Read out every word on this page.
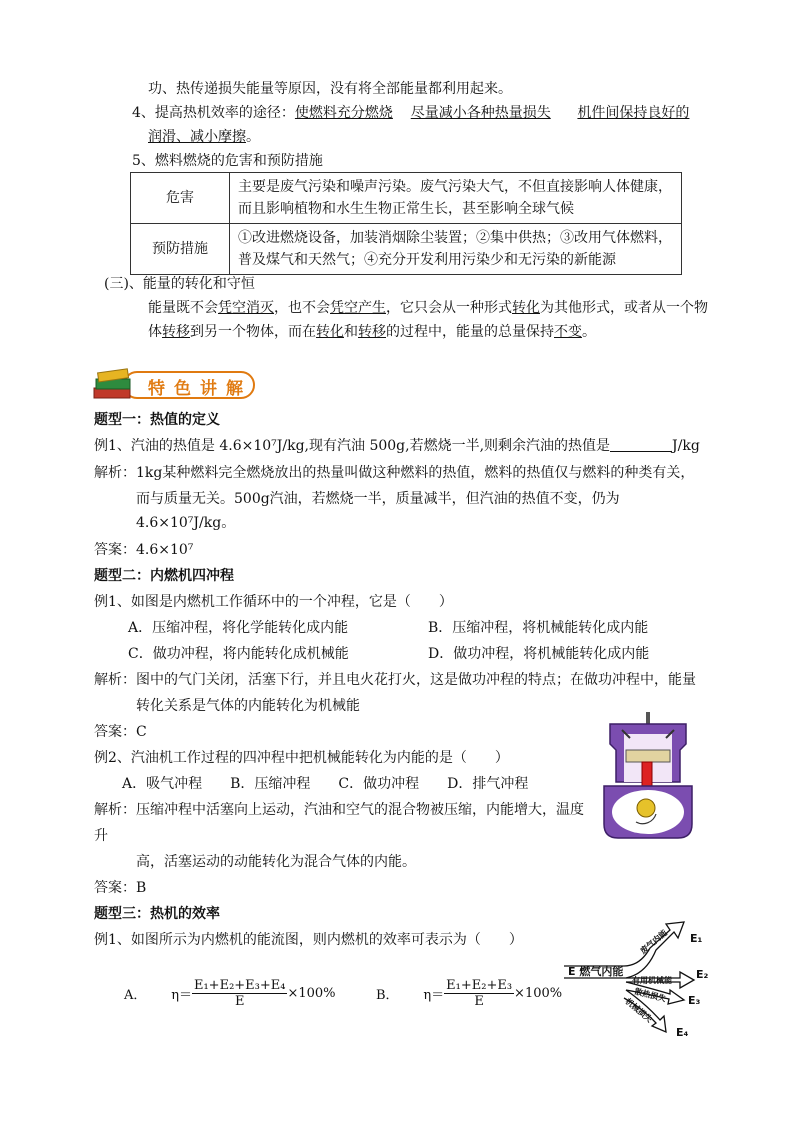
功、热传递损失能量等原因，没有将全部能量都利用起来。
4、提高热机效率的途径：使燃料充分燃烧 尽量减小各种热量损失 机件间保持良好的
润滑、减小摩擦。
5、燃料燃烧的危害和预防措施
危害	主要是废气污染和噪声污染。废气污染大气，不但直接影响人体健康，而且影响植物和水生生物正常生长，甚至影响全球气候
预防措施	①改进燃烧设备，加装消烟除尘装置；②集中供热；③改用气体燃料，普及煤气和天然气；④充分开发利用污染少和无污染的新能源
(三)、能量的转化和守恒
能量既不会凭空消灭，也不会凭空产生，它只会从一种形式转化为其他形式，或者从一个物
体转移到另一个物体，而在转化和转移的过程中，能量的总量保持不变。
特色讲解
题型一：热值的定义
例1、汽油的热值是 4.6×10⁷J/kg,现有汽油 500g,若燃烧一半,则剩余汽油的热值是	J/kg
解析：1kg某种燃料完全燃烧放出的热量叫做这种燃料的热值，燃料的热值仅与燃料的种类有关，
而与质量无关。500g汽油，若燃烧一半，质量减半，但汽油的热值不变，仍为
4.6×10⁷J/kg。
答案：4.6×10⁷
题型二：内燃机四冲程
例1、如图是内燃机工作循环中的一个冲程，它是（　　）
A．压缩冲程，将化学能转化成内能	B．压缩冲程，将机械能转化成内能
C．做功冲程，将内能转化成机械能	D．做功冲程，将机械能转化成内能
解析：图中的气门关闭，活塞下行，并且电火花打火，这是做功冲程的特点；在做功冲程中，能量
转化关系是气体的内能转化为机械能
答案：C
例2、汽油机工作过程的四冲程中把机械能转化为内能的是（　　）
A．吸气冲程　　B．压缩冲程　　C．做功冲程　　D．排气冲程
解析：压缩冲程中活塞向上运动，汽油和空气的混合物被压缩，内能增大，温度
升
高，活塞运动的动能转化为混合气体的内能。
答案：B
题型三：热机的效率
例1、如图所示为内燃机的能流图，则内燃机的效率可表示为（　　）
A． $\eta= \frac{\text{E₁+E₂+E₃+E₄}}{E} \times 100\%$	B． $\eta= \frac{\text{E₁+E₂+E₃}}{E} \times 100\%$
E 燃气内能
废气内能
有用机械能
散热损失
机械损失
E₁
E₂
E₃
E₄
